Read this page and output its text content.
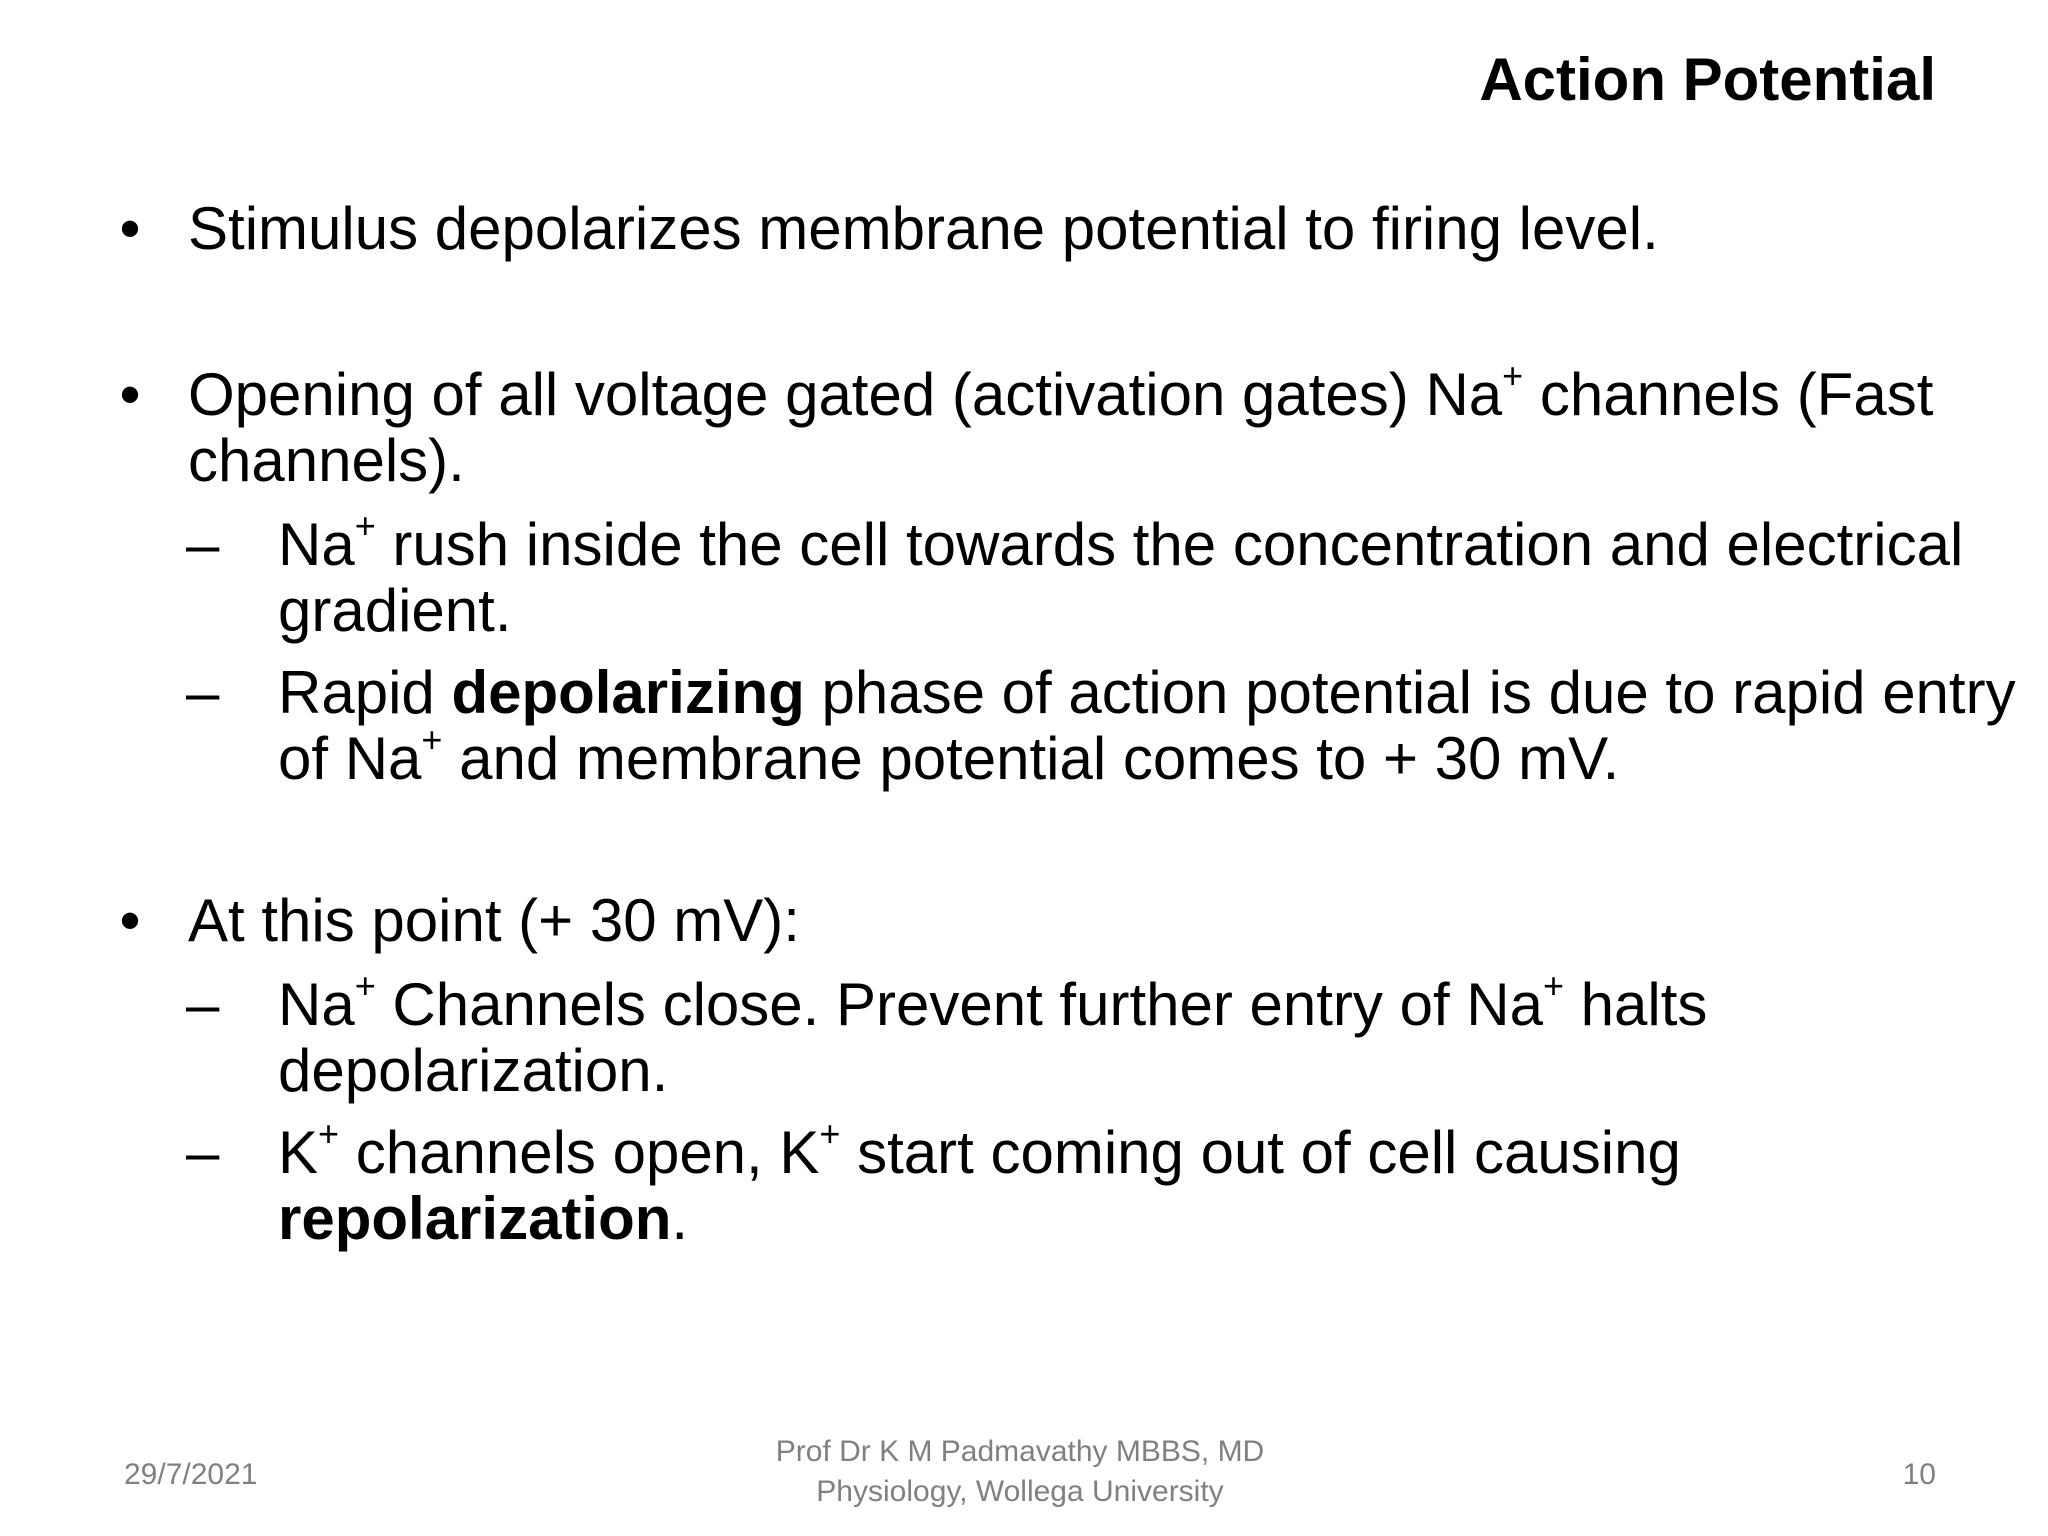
Action Potential
• Stimulus depolarizes membrane potential to firing level.
• Opening of all voltage gated (activation gates) Na+ channels (Fast channels).
– Na+ rush inside the cell towards the concentration and electrical gradient.
– Rapid depolarizing phase of action potential is due to rapid entry of Na+ and membrane potential comes to + 30 mV.
• At this point (+ 30 mV):
– Na+ Channels close. Prevent further entry of Na+ halts depolarization.
– K+ channels open, K+ start coming out of cell causing repolarization.
29/7/2021
Prof Dr K M Padmavathy MBBS, MD
Physiology, Wollega University
10
